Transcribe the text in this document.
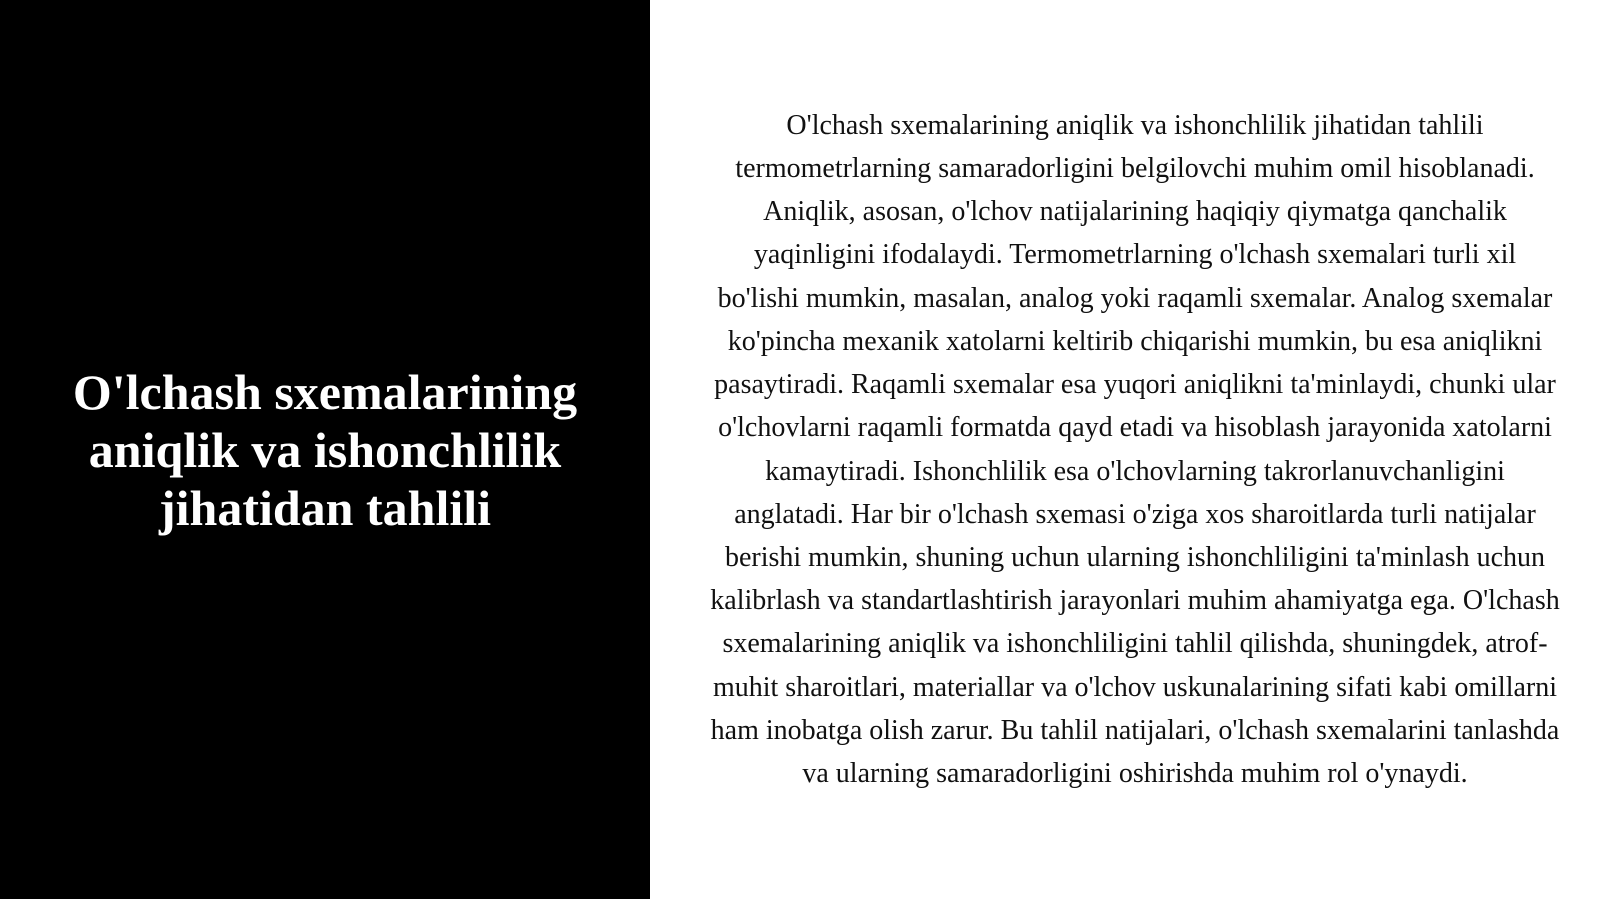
O'lchash sxemalarining aniqlik va ishonchlilik jihatidan tahlili

O'lchash sxemalarining aniqlik va ishonchlilik jihatidan tahlili termometrlarning samaradorligini belgilovchi muhim omil hisoblanadi. Aniqlik, asosan, o'lchov natijalarining haqiqiy qiymatga qanchalik yaqinligini ifodalaydi. Termometrlarning o'lchash sxemalari turli xil bo'lishi mumkin, masalan, analog yoki raqamli sxemalar. Analog sxemalar ko'pincha mexanik xatolarni keltirib chiqarishi mumkin, bu esa aniqlikni pasaytiradi. Raqamli sxemalar esa yuqori aniqlikni ta'minlaydi, chunki ular o'lchovlarni raqamli formatda qayd etadi va hisoblash jarayonida xatolarni kamaytiradi. Ishonchlilik esa o'lchovlarning takrorlanuvchanligini anglatadi. Har bir o'lchash sxemasi o'ziga xos sharoitlarda turli natijalar berishi mumkin, shuning uchun ularning ishonchliligini ta'minlash uchun kalibrlash va standartlashtirish jarayonlari muhim ahamiyatga ega. O'lchash sxemalarining aniqlik va ishonchliligini tahlil qilishda, shuningdek, atrof-muhit sharoitlari, materiallar va o'lchov uskunalarining sifati kabi omillarni ham inobatga olish zarur. Bu tahlil natijalari, o'lchash sxemalarini tanlashda va ularning samaradorligini oshirishda muhim rol o'ynaydi.
